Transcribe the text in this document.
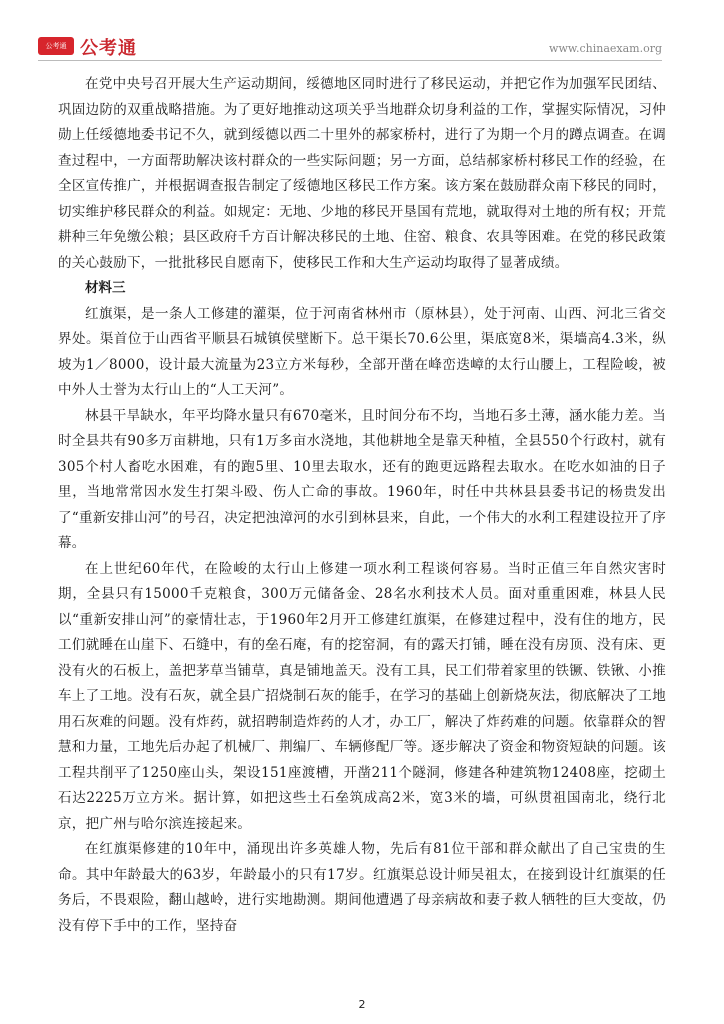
公考通 公考通	www.chinaexam.org

在党中央号召开展大生产运动期间，绥德地区同时进行了移民运动，并把它作为加强军民团结、巩固边防的双重战略措施。为了更好地推动这项关乎当地群众切身利益的工作，掌握实际情况，习仲勋上任绥德地委书记不久，就到绥德以西二十里外的郝家桥村，进行了为期一个月的蹲点调查。在调查过程中，一方面帮助解决该村群众的一些实际问题；另一方面，总结郝家桥村移民工作的经验，在全区宣传推广，并根据调查报告制定了绥德地区移民工作方案。该方案在鼓励群众南下移民的同时，切实维护移民群众的利益。如规定：无地、少地的移民开垦国有荒地，就取得对土地的所有权；开荒耕种三年免缴公粮；县区政府千方百计解决移民的土地、住窑、粮食、农具等困难。在党的移民政策的关心鼓励下，一批批移民自愿南下，使移民工作和大生产运动均取得了显著成绩。

材料三

红旗渠，是一条人工修建的灌渠，位于河南省林州市（原林县），处于河南、山西、河北三省交界处。渠首位于山西省平顺县石城镇侯壁断下。总干渠长70.6公里，渠底宽8米，渠墙高4.3米，纵坡为1／8000，设计最大流量为23立方米每秒，全部开凿在峰峦迭嶂的太行山腰上，工程险峻，被中外人士誉为太行山上的“人工天河”。

林县干旱缺水，年平均降水量只有670毫米，且时间分布不均，当地石多土薄，涵水能力差。当时全县共有90多万亩耕地，只有1万多亩水浇地，其他耕地全是靠天种植，全县550个行政村，就有305个村人畜吃水困难，有的跑5里、10里去取水，还有的跑更远路程去取水。在吃水如油的日子里，当地常常因水发生打架斗殴、伤人亡命的事故。1960年，时任中共林县县委书记的杨贵发出了“重新安排山河”的号召，决定把浊漳河的水引到林县来，自此，一个伟大的水利工程建设拉开了序幕。

在上世纪60年代，在险峻的太行山上修建一项水利工程谈何容易。当时正值三年自然灾害时期，全县只有15000千克粮食，300万元储备金、28名水利技术人员。面对重重困难，林县人民以“重新安排山河”的豪情壮志，于1960年2月开工修建红旗渠，在修建过程中，没有住的地方，民工们就睡在山崖下、石缝中，有的垒石庵，有的挖窑洞，有的露天打铺，睡在没有房顶、没有床、更没有火的石板上，盖把茅草当铺草，真是铺地盖天。没有工具，民工们带着家里的铁镢、铁锹、小推车上了工地。没有石灰，就全县广招烧制石灰的能手，在学习的基础上创新烧灰法，彻底解决了工地用石灰难的问题。没有炸药，就招聘制造炸药的人才，办工厂，解决了炸药难的问题。依靠群众的智慧和力量，工地先后办起了机械厂、荆编厂、车辆修配厂等。逐步解决了资金和物资短缺的问题。该工程共削平了1250座山头，架设151座渡槽，开凿211个隧洞，修建各种建筑物12408座，挖砌土石达2225万立方米。据计算，如把这些土石垒筑成高2米，宽3米的墙，可纵贯祖国南北，绕行北京，把广州与哈尔滨连接起来。

在红旗渠修建的10年中，涌现出许多英雄人物，先后有81位干部和群众献出了自己宝贵的生命。其中年龄最大的63岁，年龄最小的只有17岁。红旗渠总设计师吴祖太，在接到设计红旗渠的任务后，不畏艰险，翻山越岭，进行实地勘测。期间他遭遇了母亲病故和妻子救人牺牲的巨大变故，仍没有停下手中的工作，坚持奋

2
